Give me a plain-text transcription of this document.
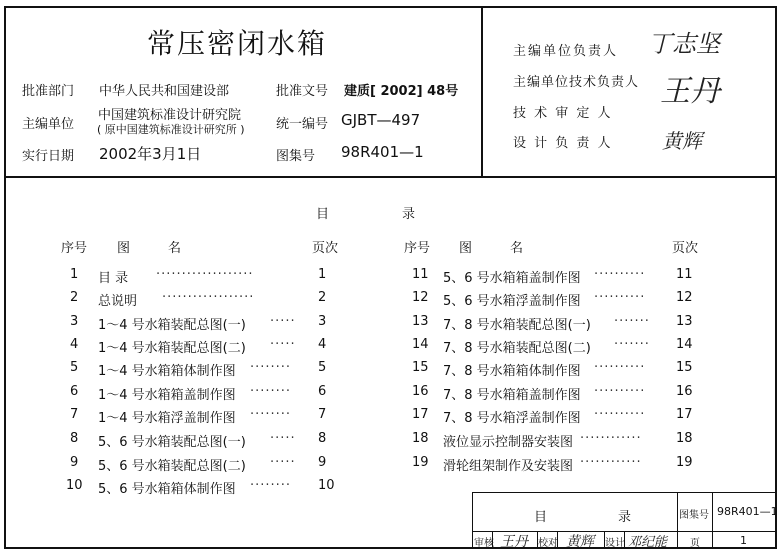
常压密闭水箱
批准部门 中华人民共和国建设部	批准文号 建质[ 2002] 48号
主编单位
中国建筑标准设计研究院
( 原中国建筑标准设计研究所 ) 统一编号 GJBT—497
实行日期 2002年3月1日	图集号 98R401—1
主编单位负责人 丁志坚
主编单位技术负责人 王丹
技 术 审 定 人
设 计 负 责 人 黄辉
目	录
序号 图	名	页次	序号 图	名	页次
1 目 录 ···················	1
2 总说明 ··················	2
3 1～4 号水箱装配总图(一) ····· 3
4 1～4 号水箱装配总图(二) ····· 4
5 1～4 号水箱箱体制作图 ········ 5
6 1～4 号水箱箱盖制作图 ········ 6
7 1～4 号水箱浮盖制作图 ········ 7
8 5、6 号水箱装配总图(一) ····· 8
9 5、6 号水箱装配总图(二) ····· 9
10 5、6 号水箱箱体制作图 ········ 10
11 5、6 号水箱箱盖制作图 ·········· 11
12 5、6 号水箱浮盖制作图 ·········· 12
13 7、8 号水箱装配总图(一) ······· 13
14 7、8 号水箱装配总图(二) ······· 14
15 7、8 号水箱箱体制作图 ·········· 15
16 7、8 号水箱箱盖制作图 ·········· 16
17 7、8 号水箱浮盖制作图 ·········· 17
18 液位显示控制器安装图 ············	18
19 滑轮组架制作及安装图 ············	19
目	录	图集号 98R401—1
审核 王丹 校对 黄辉 设计 邓纪能 页	1
